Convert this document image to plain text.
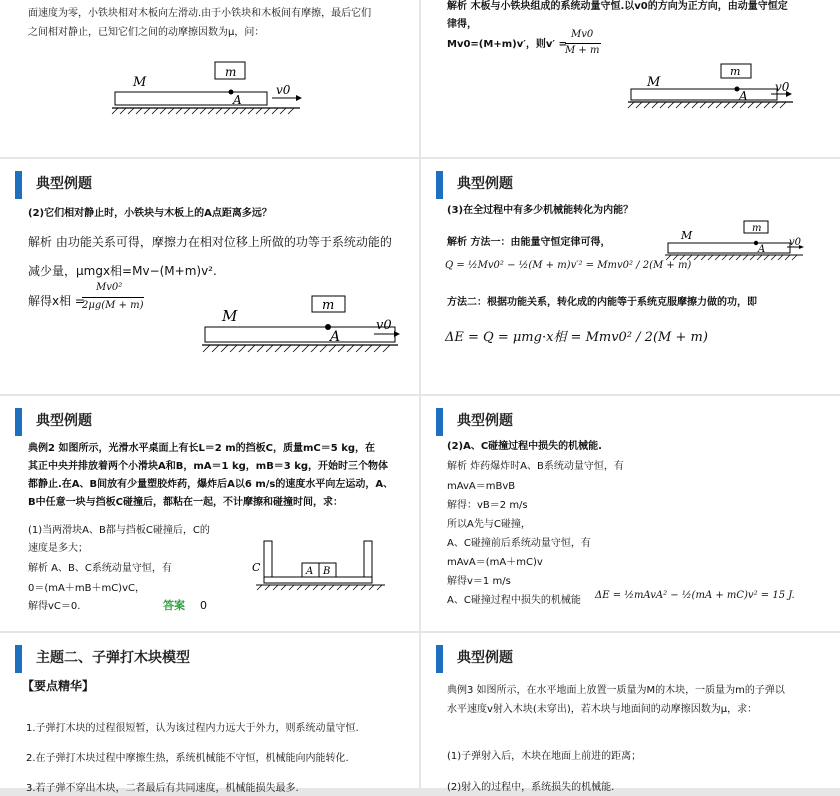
面速度为零，小铁块相对木板向左滑动.由于小铁块和木板间有摩擦，最后它们
之间相对静止，已知它们之间的动摩擦因数为μ，问：
M
m
A
v0
解析 木板与小铁块组成的系统动量守恒.以v0的方向为正方向，由动量守恒定
律得，
Mv0=(M+m)v′，则v′ =
Mv0
M + m
M
m
A
v0
典型例题
(2)它们相对静止时，小铁块与木板上的A点距离多远？
解析 由功能关系可得，摩擦力在相对位移上所做的功等于系统动能的
减少量，μmgx相=Mv−(M+m)v².
解得x相 =
Mv0²
2μg(M + m)
M
m
A
v0
典型例题
(3)在全过程中有多少机械能转化为内能？
解析 方法一：由能量守恒定律可得，
Q = ½Mv0² − ½(M + m)v′² = Mmv0² / 2(M + m)
方法二：根据功能关系，转化成的内能等于系统克服摩擦力做的功，即
ΔE = Q = μmg·x相 = Mmv0² / 2(M + m)
M
m
A
v0
典型例题
典例2 如图所示，光滑水平桌面上有长L＝2 m的挡板C，质量mC＝5 kg，在
其正中央并排放着两个小滑块A和B，mA＝1 kg，mB＝3 kg，开始时三个物体
都静止.在A、B间放有少量塑胶炸药，爆炸后A以6 m/s的速度水平向左运动，A、
B中任意一块与挡板C碰撞后，都粘在一起，不计摩擦和碰撞时间，求：
(1)当两滑块A、B都与挡板C碰撞后，C的
速度是多大；
解析 A、B、C系统动量守恒，有
0＝(mA＋mB＋mC)vC，
解得vC＝0.	答案 0
C	A B
典型例题
(2)A、C碰撞过程中损失的机械能.
解析 炸药爆炸时A、B系统动量守恒，有
mAvA＝mBvB
解得：vB＝2 m/s
所以A先与C碰撞，
A、C碰撞前后系统动量守恒，有
mAvA＝(mA＋mC)v
解得v＝1 m/s
A、C碰撞过程中损失的机械能 ΔE = ½mAvA² − ½(mA + mC)v² = 15 J.
主题二、子弹打木块模型
【要点精华】
1.子弹打木块的过程很短暂，认为该过程内力远大于外力，则系统动量守恒.
2.在子弹打木块过程中摩擦生热，系统机械能不守恒，机械能向内能转化.
3.若子弹不穿出木块，二者最后有共同速度，机械能损失最多.
典型例题
典例3 如图所示，在水平地面上放置一质量为M的木块，一质量为m的子弹以
水平速度v射入木块(未穿出)，若木块与地面间的动摩擦因数为μ，求：
(1)子弹射入后，木块在地面上前进的距离；
(2)射入的过程中，系统损失的机械能.
